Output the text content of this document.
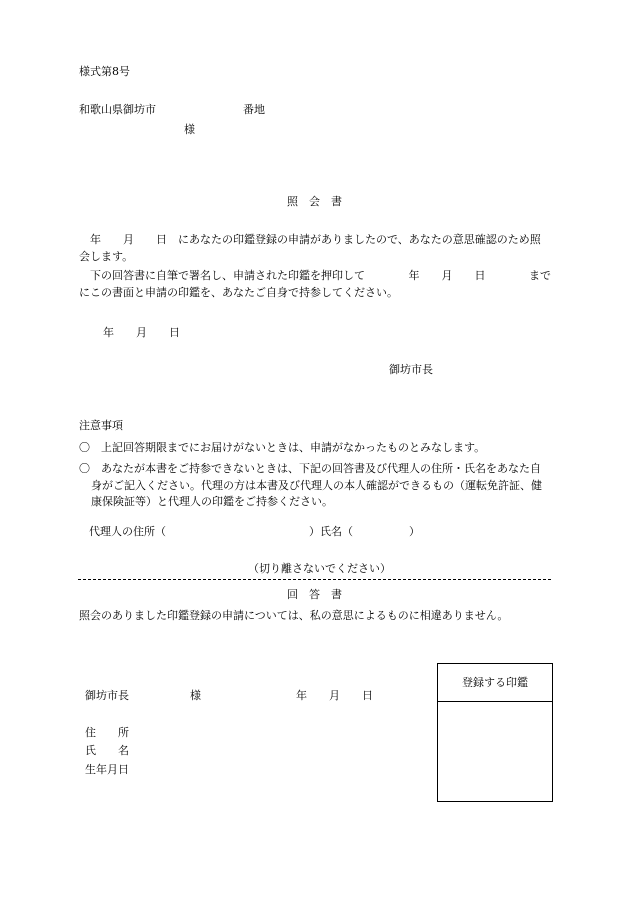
様式第8号
和歌山県御坊市	番地
様
照　会　書
年　　月　　日　 にあなたの印鑑登録の申請がありましたので、あなたの意思確認のため照会します。
下の回答書に自筆で署名し、申請された印鑑を押印して	年　　月　　日	まで
にこの書面と申請の印鑑を、あなたご自身で持参してください。
年　　月　　日
御坊市長
注意事項
〇　上記回答期限までにお届けがないときは、申請がなかったものとみなします。
〇　あなたが本書をご持参できないときは、下記の回答書及び代理人の住所・氏名をあなた自身がご記入ください。代理の方は本書及び代理人の本人確認ができるもの（運転免許証、健康保険証等）と代理人の印鑑をご持参ください。
代理人の住所（	）氏名（	）
（切り離さないでください）
回　答　書
照会のありました印鑑登録の申請については、私の意思によるものに相違ありません。
御坊市長	様	年　　月　　日
住　　所
氏　　名
生年月日
登録する印鑑
